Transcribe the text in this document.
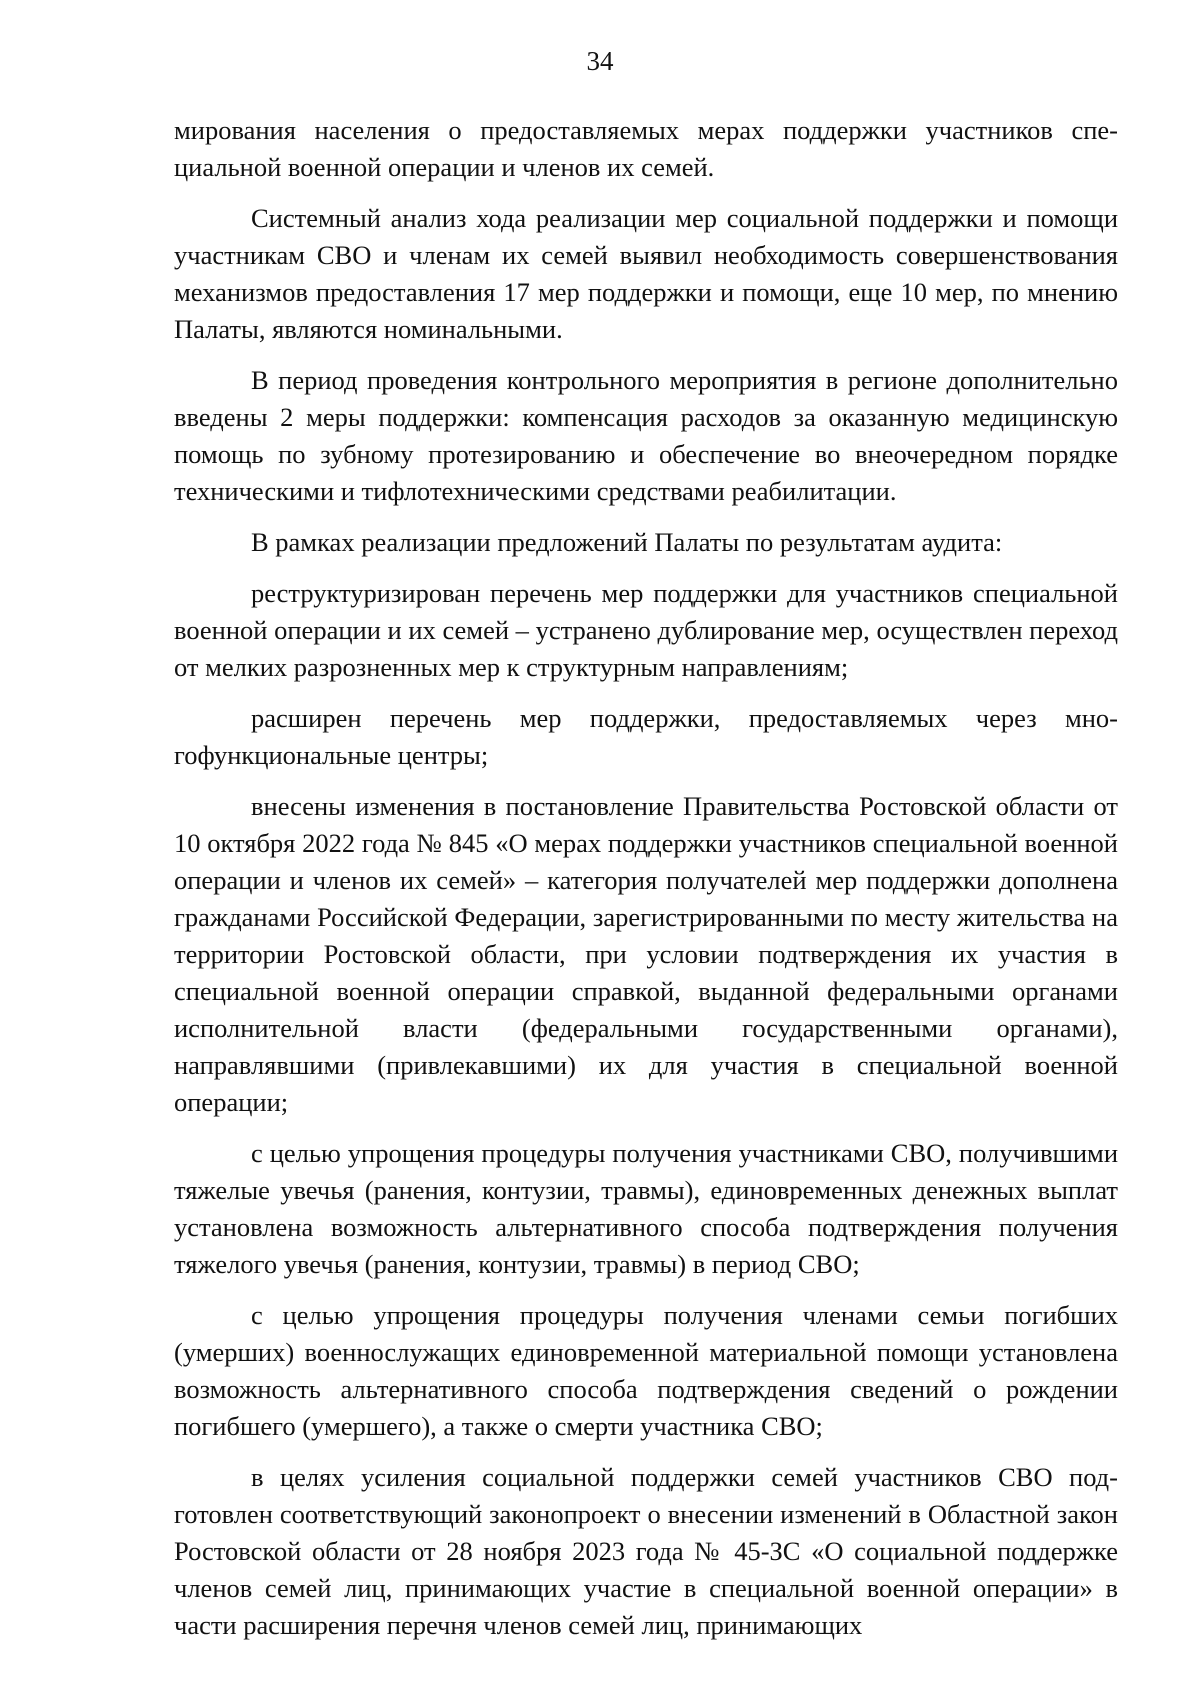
34

мирования населения о предоставляемых мерах поддержки участников специальной военной операции и членов их семей.

Системный анализ хода реализации мер социальной поддержки и помощи участникам СВО и членам их семей выявил необходимость совершенствования механизмов предоставления 17 мер поддержки и помощи, еще 10 мер, по мнению Палаты, являются номинальными.

В период проведения контрольного мероприятия в регионе дополнительно введены 2 меры поддержки: компенсация расходов за оказанную медицинскую помощь по зубному протезированию и обеспечение во внеочередном порядке техническими и тифлотехническими средствами реабилитации.

В рамках реализации предложений Палаты по результатам аудита:

реструктуризирован перечень мер поддержки для участников специальной военной операции и их семей – устранено дублирование мер, осуществлен переход от мелких разрозненных мер к структурным направлениям;

расширен перечень мер поддержки, предоставляемых через многофункциональные центры;

внесены изменения в постановление Правительства Ростовской области от 10 октября 2022 года № 845 «О мерах поддержки участников специальной военной операции и членов их семей» – категория получателей мер поддержки дополнена гражданами Российской Федерации, зарегистрированными по месту жительства на территории Ростовской области, при условии подтверждения их участия в специальной военной операции справкой, выданной федеральными органами исполнительной власти (федеральными государственными органами), направлявшими (привлекавшими) их для участия в специальной военной операции;

с целью упрощения процедуры получения участниками СВО, получившими тяжелые увечья (ранения, контузии, травмы), единовременных денежных выплат установлена возможность альтернативного способа подтверждения получения тяжелого увечья (ранения, контузии, травмы) в период СВО;

с целью упрощения процедуры получения членами семьи погибших (умерших) военнослужащих единовременной материальной помощи установлена возможность альтернативного способа подтверждения сведений о рождении погибшего (умершего), а также о смерти участника СВО;

в целях усиления социальной поддержки семей участников СВО подготовлен соответствующий законопроект о внесении изменений в Областной закон Ростовской области от 28 ноября 2023 года № 45-ЗС «О социальной поддержке членов семей лиц, принимающих участие в специальной военной операции» в части расширения перечня членов семей лиц, принимающих
